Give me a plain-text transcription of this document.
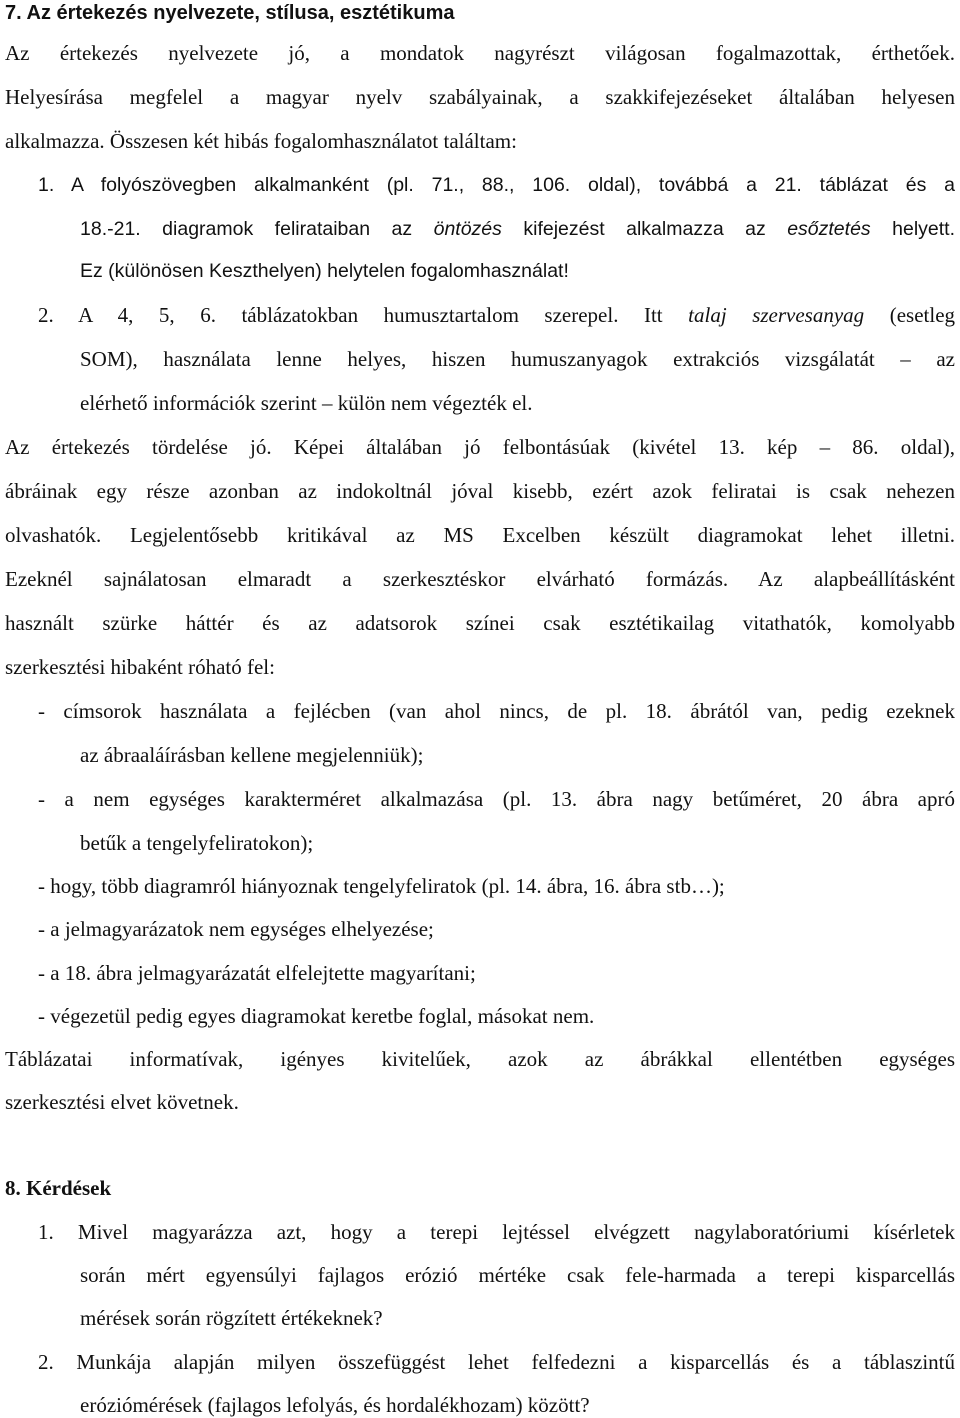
7. Az értekezés nyelvezete, stílusa, esztétikuma
Az értekezés nyelvezete jó, a mondatok nagyrészt világosan fogalmazottak, érthetőek.
Helyesírása megfelel a magyar nyelv szabályainak, a szakkifejezéseket általában helyesen
alkalmazza. Összesen két hibás fogalomhasználatot találtam:
1. A folyószövegben alkalmanként (pl. 71., 88., 106. oldal), továbbá a 21. táblázat és a
18.-21. diagramok felirataiban az öntözés kifejezést alkalmazza az esőztetés helyett.
Ez (különösen Keszthelyen) helytelen fogalomhasználat!
2. A 4, 5, 6. táblázatokban humusztartalom szerepel. Itt talaj szervesanyag (esetleg
SOM), használata lenne helyes, hiszen humuszanyagok extrakciós vizsgálatát – az
elérhető információk szerint – külön nem végezték el.
Az értekezés tördelése jó. Képei általában jó felbontásúak (kivétel 13. kép – 86. oldal),
ábráinak egy része azonban az indokoltnál jóval kisebb, ezért azok feliratai is csak nehezen
olvashatók. Legjelentősebb kritikával az MS Excelben készült diagramokat lehet illetni.
Ezeknél sajnálatosan elmaradt a szerkesztéskor elvárható formázás. Az alapbeállításként
használt szürke háttér és az adatsorok színei csak esztétikailag vitathatók, komolyabb
szerkesztési hibaként róható fel:
- címsorok használata a fejlécben (van ahol nincs, de pl. 18. ábrától van, pedig ezeknek
az ábraaláírásban kellene megjelenniük);
- a nem egységes karakterméret alkalmazása (pl. 13. ábra nagy betűméret, 20 ábra apró
betűk a tengelyfeliratokon);
- hogy, több diagramról hiányoznak tengelyfeliratok (pl. 14. ábra, 16. ábra stb…);
- a jelmagyarázatok nem egységes elhelyezése;
- a 18. ábra jelmagyarázatát elfelejtette magyarítani;
- végezetül pedig egyes diagramokat keretbe foglal, másokat nem.
Táblázatai informatívak, igényes kivitelűek, azok az ábrákkal ellentétben egységes
szerkesztési elvet követnek.
8. Kérdések
1. Mivel magyarázza azt, hogy a terepi lejtéssel elvégzett nagylaboratóriumi kísérletek
során mért egyensúlyi fajlagos erózió mértéke csak fele-harmada a terepi kisparcellás
mérések során rögzített értékeknek?
2. Munkája alapján milyen összefüggést lehet felfedezni a kisparcellás és a táblaszintű
eróziómérések (fajlagos lefolyás, és hordalékhozam) között?
